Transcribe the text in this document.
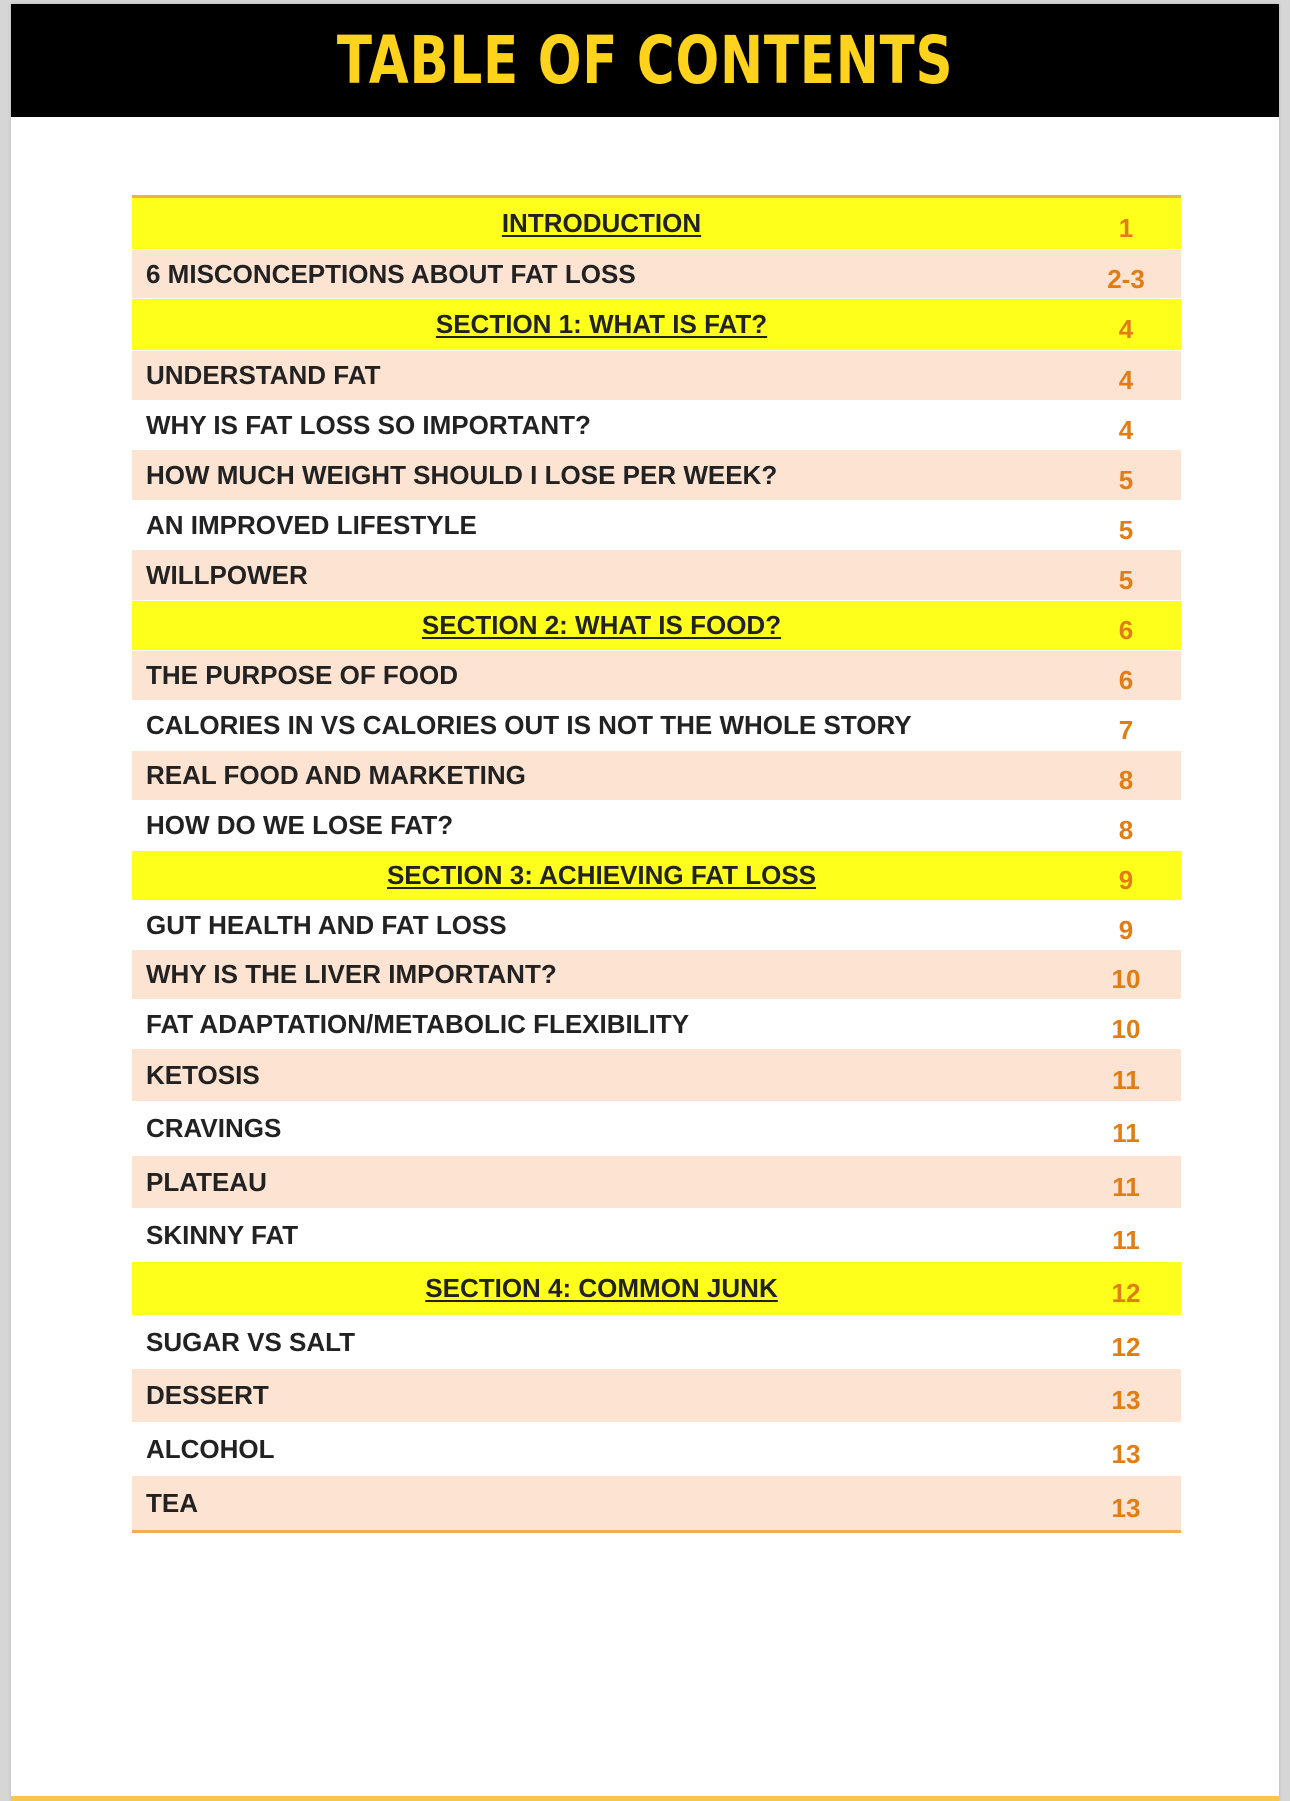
TABLE OF CONTENTS
INTRODUCTION	1
6 MISCONCEPTIONS ABOUT FAT LOSS	2-3
SECTION 1: WHAT IS FAT?	4
UNDERSTAND FAT	4
WHY IS FAT LOSS SO IMPORTANT?	4
HOW MUCH WEIGHT SHOULD I LOSE PER WEEK?	5
AN IMPROVED LIFESTYLE	5
WILLPOWER	5
SECTION 2: WHAT IS FOOD?	6
THE PURPOSE OF FOOD	6
CALORIES IN VS CALORIES OUT IS NOT THE WHOLE STORY	7
REAL FOOD AND MARKETING	8
HOW DO WE LOSE FAT?	8
SECTION 3: ACHIEVING FAT LOSS	9
GUT HEALTH AND FAT LOSS	9
WHY IS THE LIVER IMPORTANT?	10
FAT ADAPTATION/METABOLIC FLEXIBILITY	10
KETOSIS	11
CRAVINGS	11
PLATEAU	11
SKINNY FAT	11
SECTION 4: COMMON JUNK	12
SUGAR VS SALT	12
DESSERT	13
ALCOHOL	13
TEA	13
